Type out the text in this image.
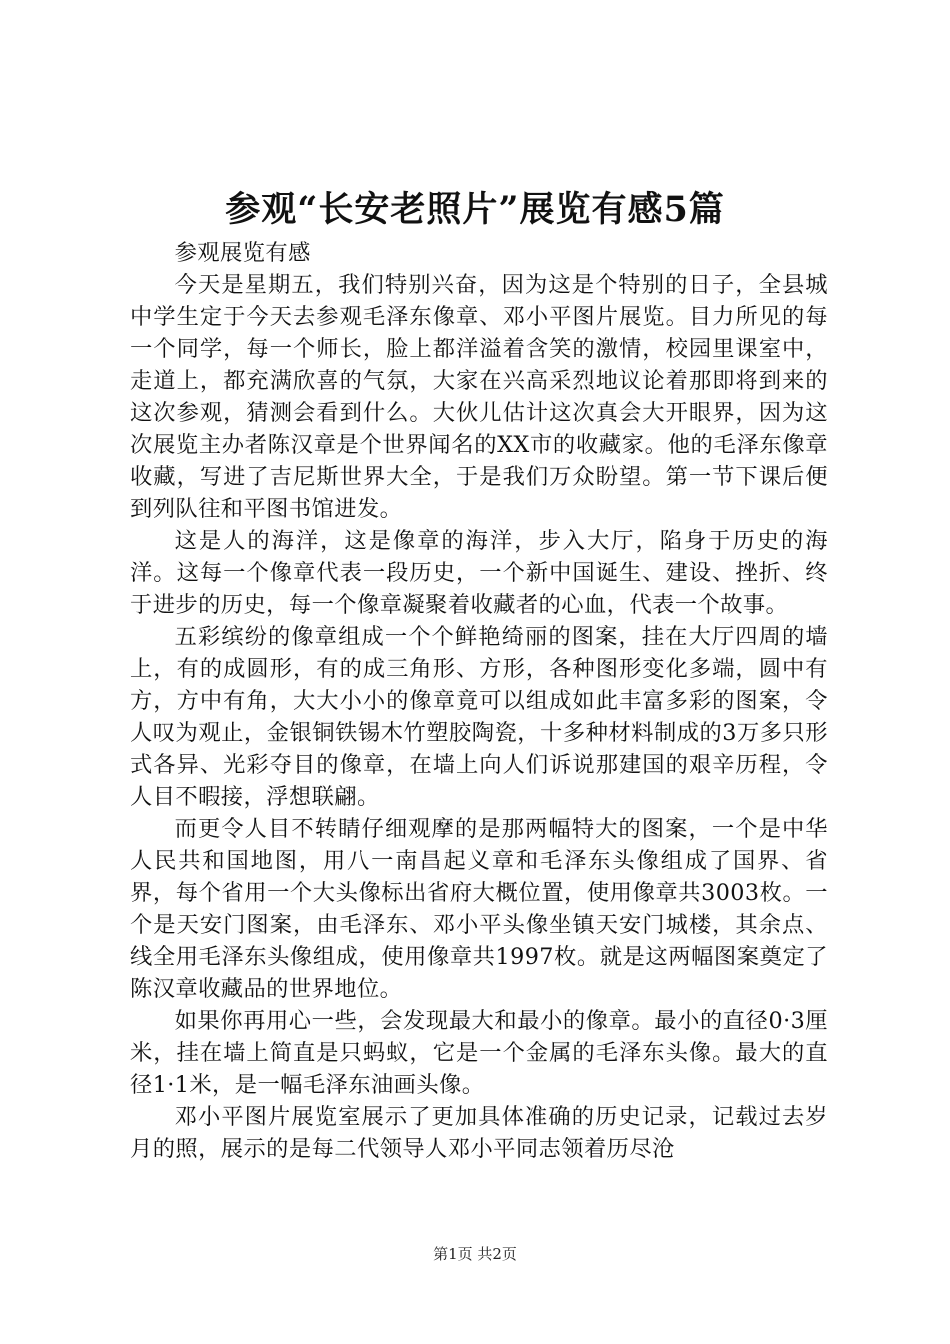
参观“长安老照片”展览有感5篇

参观展览有感

今天是星期五，我们特别兴奋，因为这是个特别的日子，全县城中学生定于今天去参观毛泽东像章、邓小平图片展览。目力所见的每一个同学，每一个师长，脸上都洋溢着含笑的激情，校园里课室中，走道上，都充满欣喜的气氛，大家在兴高采烈地议论着那即将到来的这次参观，猜测会看到什么。大伙儿估计这次真会大开眼界，因为这次展览主办者陈汉章是个世界闻名的XX市的收藏家。他的毛泽东像章收藏，写进了吉尼斯世界大全，于是我们万众盼望。第一节下课后便到列队往和平图书馆进发。

这是人的海洋，这是像章的海洋，步入大厅，陷身于历史的海洋。这每一个像章代表一段历史，一个新中国诞生、建设、挫折、终于进步的历史，每一个像章凝聚着收藏者的心血，代表一个故事。

五彩缤纷的像章组成一个个鲜艳绮丽的图案，挂在大厅四周的墙上，有的成圆形，有的成三角形、方形，各种图形变化多端，圆中有方，方中有角，大大小小的像章竟可以组成如此丰富多彩的图案，令人叹为观止，金银铜铁锡木竹塑胶陶瓷，十多种材料制成的3万多只形式各异、光彩夺目的像章，在墙上向人们诉说那建国的艰辛历程，令人目不暇接，浮想联翩。

而更令人目不转睛仔细观摩的是那两幅特大的图案，一个是中华人民共和国地图，用八一南昌起义章和毛泽东头像组成了国界、省界，每个省用一个大头像标出省府大概位置，使用像章共3003枚。一个是天安门图案，由毛泽东、邓小平头像坐镇天安门城楼，其余点、线全用毛泽东头像组成，使用像章共1997枚。就是这两幅图案奠定了陈汉章收藏品的世界地位。

如果你再用心一些，会发现最大和最小的像章。最小的直径0·3厘米，挂在墙上简直是只蚂蚁，它是一个金属的毛泽东头像。最大的直径1·1米，是一幅毛泽东油画头像。

邓小平图片展览室展示了更加具体准确的历史记录，记载过去岁月的照，展示的是每二代领导人邓小平同志领着历尽沧

第1页 共2页
